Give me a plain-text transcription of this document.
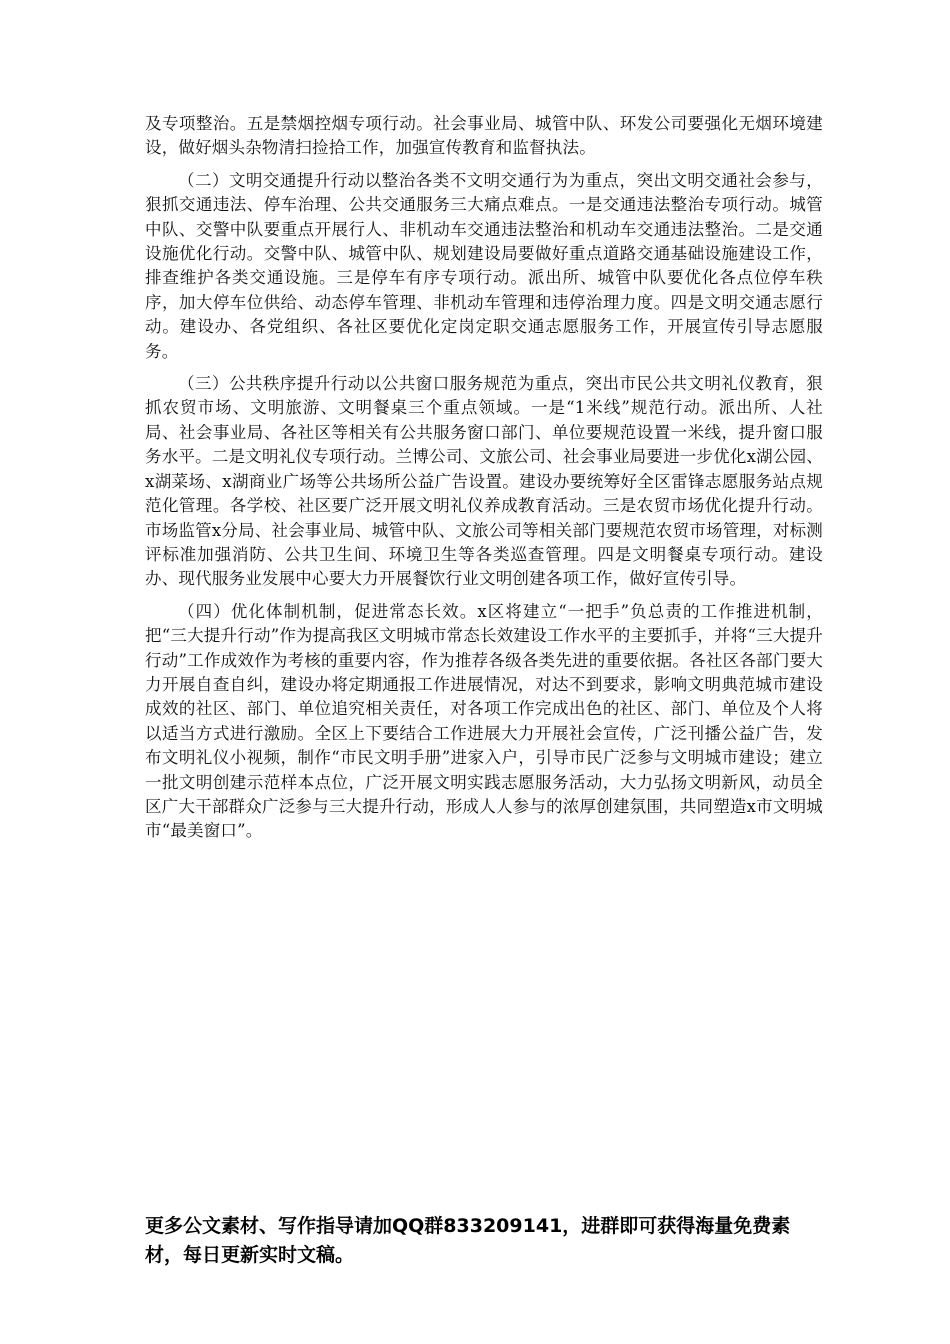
及专项整治。五是禁烟控烟专项行动。社会事业局、城管中队、环发公司要强化无烟环境建设，做好烟头杂物清扫捡拾工作，加强宣传教育和监督执法。

（二）文明交通提升行动以整治各类不文明交通行为为重点，突出文明交通社会参与，狠抓交通违法、停车治理、公共交通服务三大痛点难点。一是交通违法整治专项行动。城管中队、交警中队要重点开展行人、非机动车交通违法整治和机动车交通违法整治。二是交通设施优化行动。交警中队、城管中队、规划建设局要做好重点道路交通基础设施建设工作，排查维护各类交通设施。三是停车有序专项行动。派出所、城管中队要优化各点位停车秩序，加大停车位供给、动态停车管理、非机动车管理和违停治理力度。四是文明交通志愿行动。建设办、各党组织、各社区要优化定岗定职交通志愿服务工作，开展宣传引导志愿服务。

（三）公共秩序提升行动以公共窗口服务规范为重点，突出市民公共文明礼仪教育，狠抓农贸市场、文明旅游、文明餐桌三个重点领域。一是“1米线”规范行动。派出所、人社局、社会事业局、各社区等相关有公共服务窗口部门、单位要规范设置一米线，提升窗口服务水平。二是文明礼仪专项行动。兰博公司、文旅公司、社会事业局要进一步优化x湖公园、x湖菜场、x湖商业广场等公共场所公益广告设置。建设办要统筹好全区雷锋志愿服务站点规范化管理。各学校、社区要广泛开展文明礼仪养成教育活动。三是农贸市场优化提升行动。市场监管x分局、社会事业局、城管中队、文旅公司等相关部门要规范农贸市场管理，对标测评标准加强消防、公共卫生间、环境卫生等各类巡查管理。四是文明餐桌专项行动。建设办、现代服务业发展中心要大力开展餐饮行业文明创建各项工作，做好宣传引导。

（四）优化体制机制，促进常态长效。x区将建立“一把手”负总责的工作推进机制，把“三大提升行动”作为提高我区文明城市常态长效建设工作水平的主要抓手，并将“三大提升行动”工作成效作为考核的重要内容，作为推荐各级各类先进的重要依据。各社区各部门要大力开展自查自纠，建设办将定期通报工作进展情况，对达不到要求，影响文明典范城市建设成效的社区、部门、单位追究相关责任，对各项工作完成出色的社区、部门、单位及个人将以适当方式进行激励。全区上下要结合工作进展大力开展社会宣传，广泛刊播公益广告，发布文明礼仪小视频，制作“市民文明手册”进家入户，引导市民广泛参与文明城市建设；建立一批文明创建示范样本点位，广泛开展文明实践志愿服务活动，大力弘扬文明新风，动员全区广大干部群众广泛参与三大提升行动，形成人人参与的浓厚创建氛围，共同塑造x市文明城市“最美窗口”。

更多公文素材、写作指导请加QQ群833209141，进群即可获得海量免费素材，每日更新实时文稿。
